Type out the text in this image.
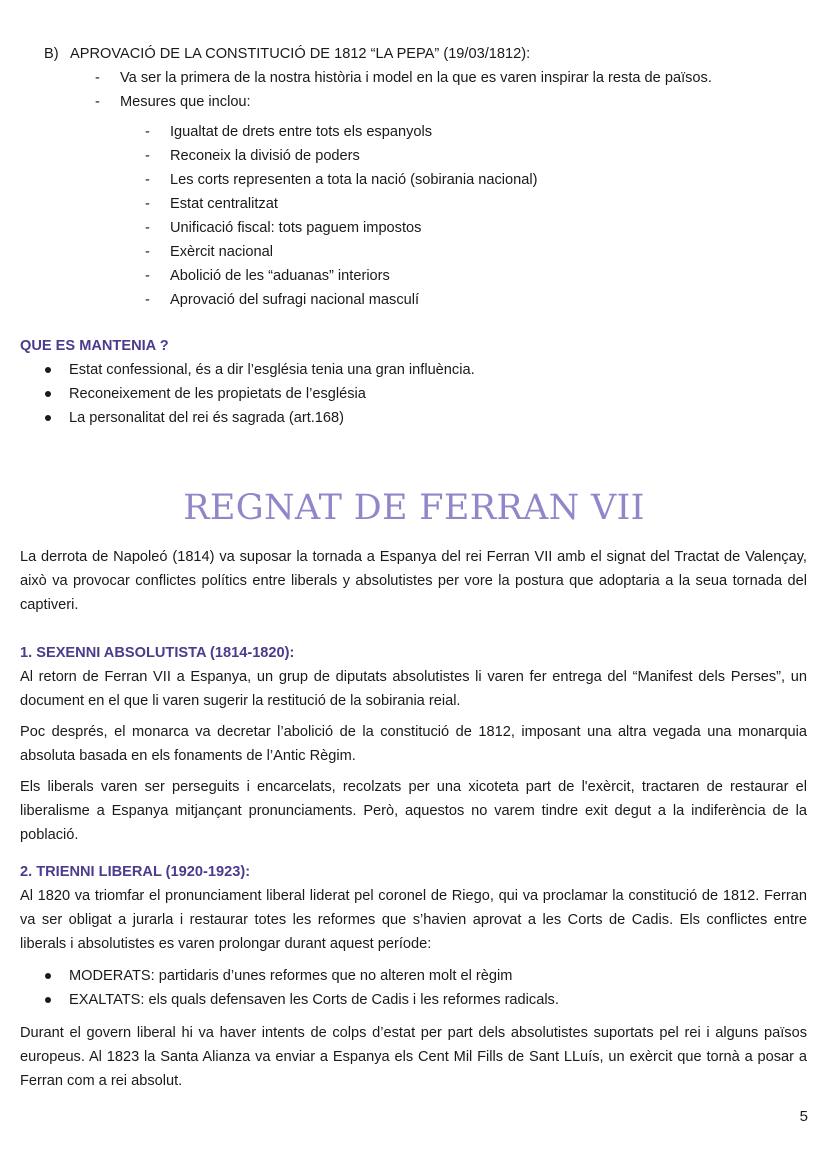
B) APROVACIÓ DE LA CONSTITUCIÓ DE 1812 “LA PEPA” (19/03/1812):
- Va ser la primera de la nostra història i model en la que es varen inspirar la resta de països.
- Mesures que inclou:
- Igualtat de drets entre tots els espanyols
- Reconeix la divisió de poders
- Les corts representen a tota la nació (sobirania nacional)
- Estat centralitzat
- Unificació fiscal: tots paguem impostos
- Exèrcit nacional
- Abolició de les “aduanas” interiors
- Aprovació del sufragi nacional masculí
QUE ES MANTENIA ?
Estat confessional, és a dir l’església tenia una gran influència.
Reconeixement de les propietats de l’església
La personalitat del rei és sagrada (art.168)
REGNAT DE FERRAN VII

La derrota de Napoleó (1814) va suposar la tornada a Espanya del rei Ferran VII amb el signat del Tractat de Valençay, això va provocar conflictes polítics entre liberals y absolutistes per vore la postura que adoptaria a la seua tornada del captiveri.

1. SEXENNI ABSOLUTISTA (1814-1820):

Al retorn de Ferran VII a Espanya, un grup de diputats absolutistes li varen fer entrega del “Manifest dels Perses”, un document en el que li varen sugerir la restitució de la sobirania reial.

Poc després, el monarca va decretar l’abolició de la constitució de 1812, imposant una altra vegada una monarquia absoluta basada en els fonaments de l’Antic Règim.

Els liberals varen ser perseguits i encarcelats, recolzats per una xicoteta part de l'exèrcit, tractaren de restaurar el liberalisme a Espanya mitjançant pronunciaments. Però, aquestos no varem tindre exit degut a la indiferència de la població.

2. TRIENNI LIBERAL (1920-1923):

Al 1820 va triomfar el pronunciament liberal liderat pel coronel de Riego, qui va proclamar la constitució de 1812. Ferran va ser obligat a jurarla i restaurar totes les reformes que s’havien aprovat a les Corts de Cadis. Els conflictes entre liberals i absolutistes es varen prolongar durant aquest període:

MODERATS: partidaris d’unes reformes que no alteren molt el règim
EXALTATS: els quals defensaven les Corts de Cadis i les reformes radicals.

Durant el govern liberal hi va haver intents de colps d’estat per part dels absolutistes suportats pel rei i alguns països europeus. Al 1823 la Santa Alianza va enviar a Espanya els Cent Mil Fills de Sant LLuís, un exèrcit que tornà a posar a Ferran com a rei absolut.

5
